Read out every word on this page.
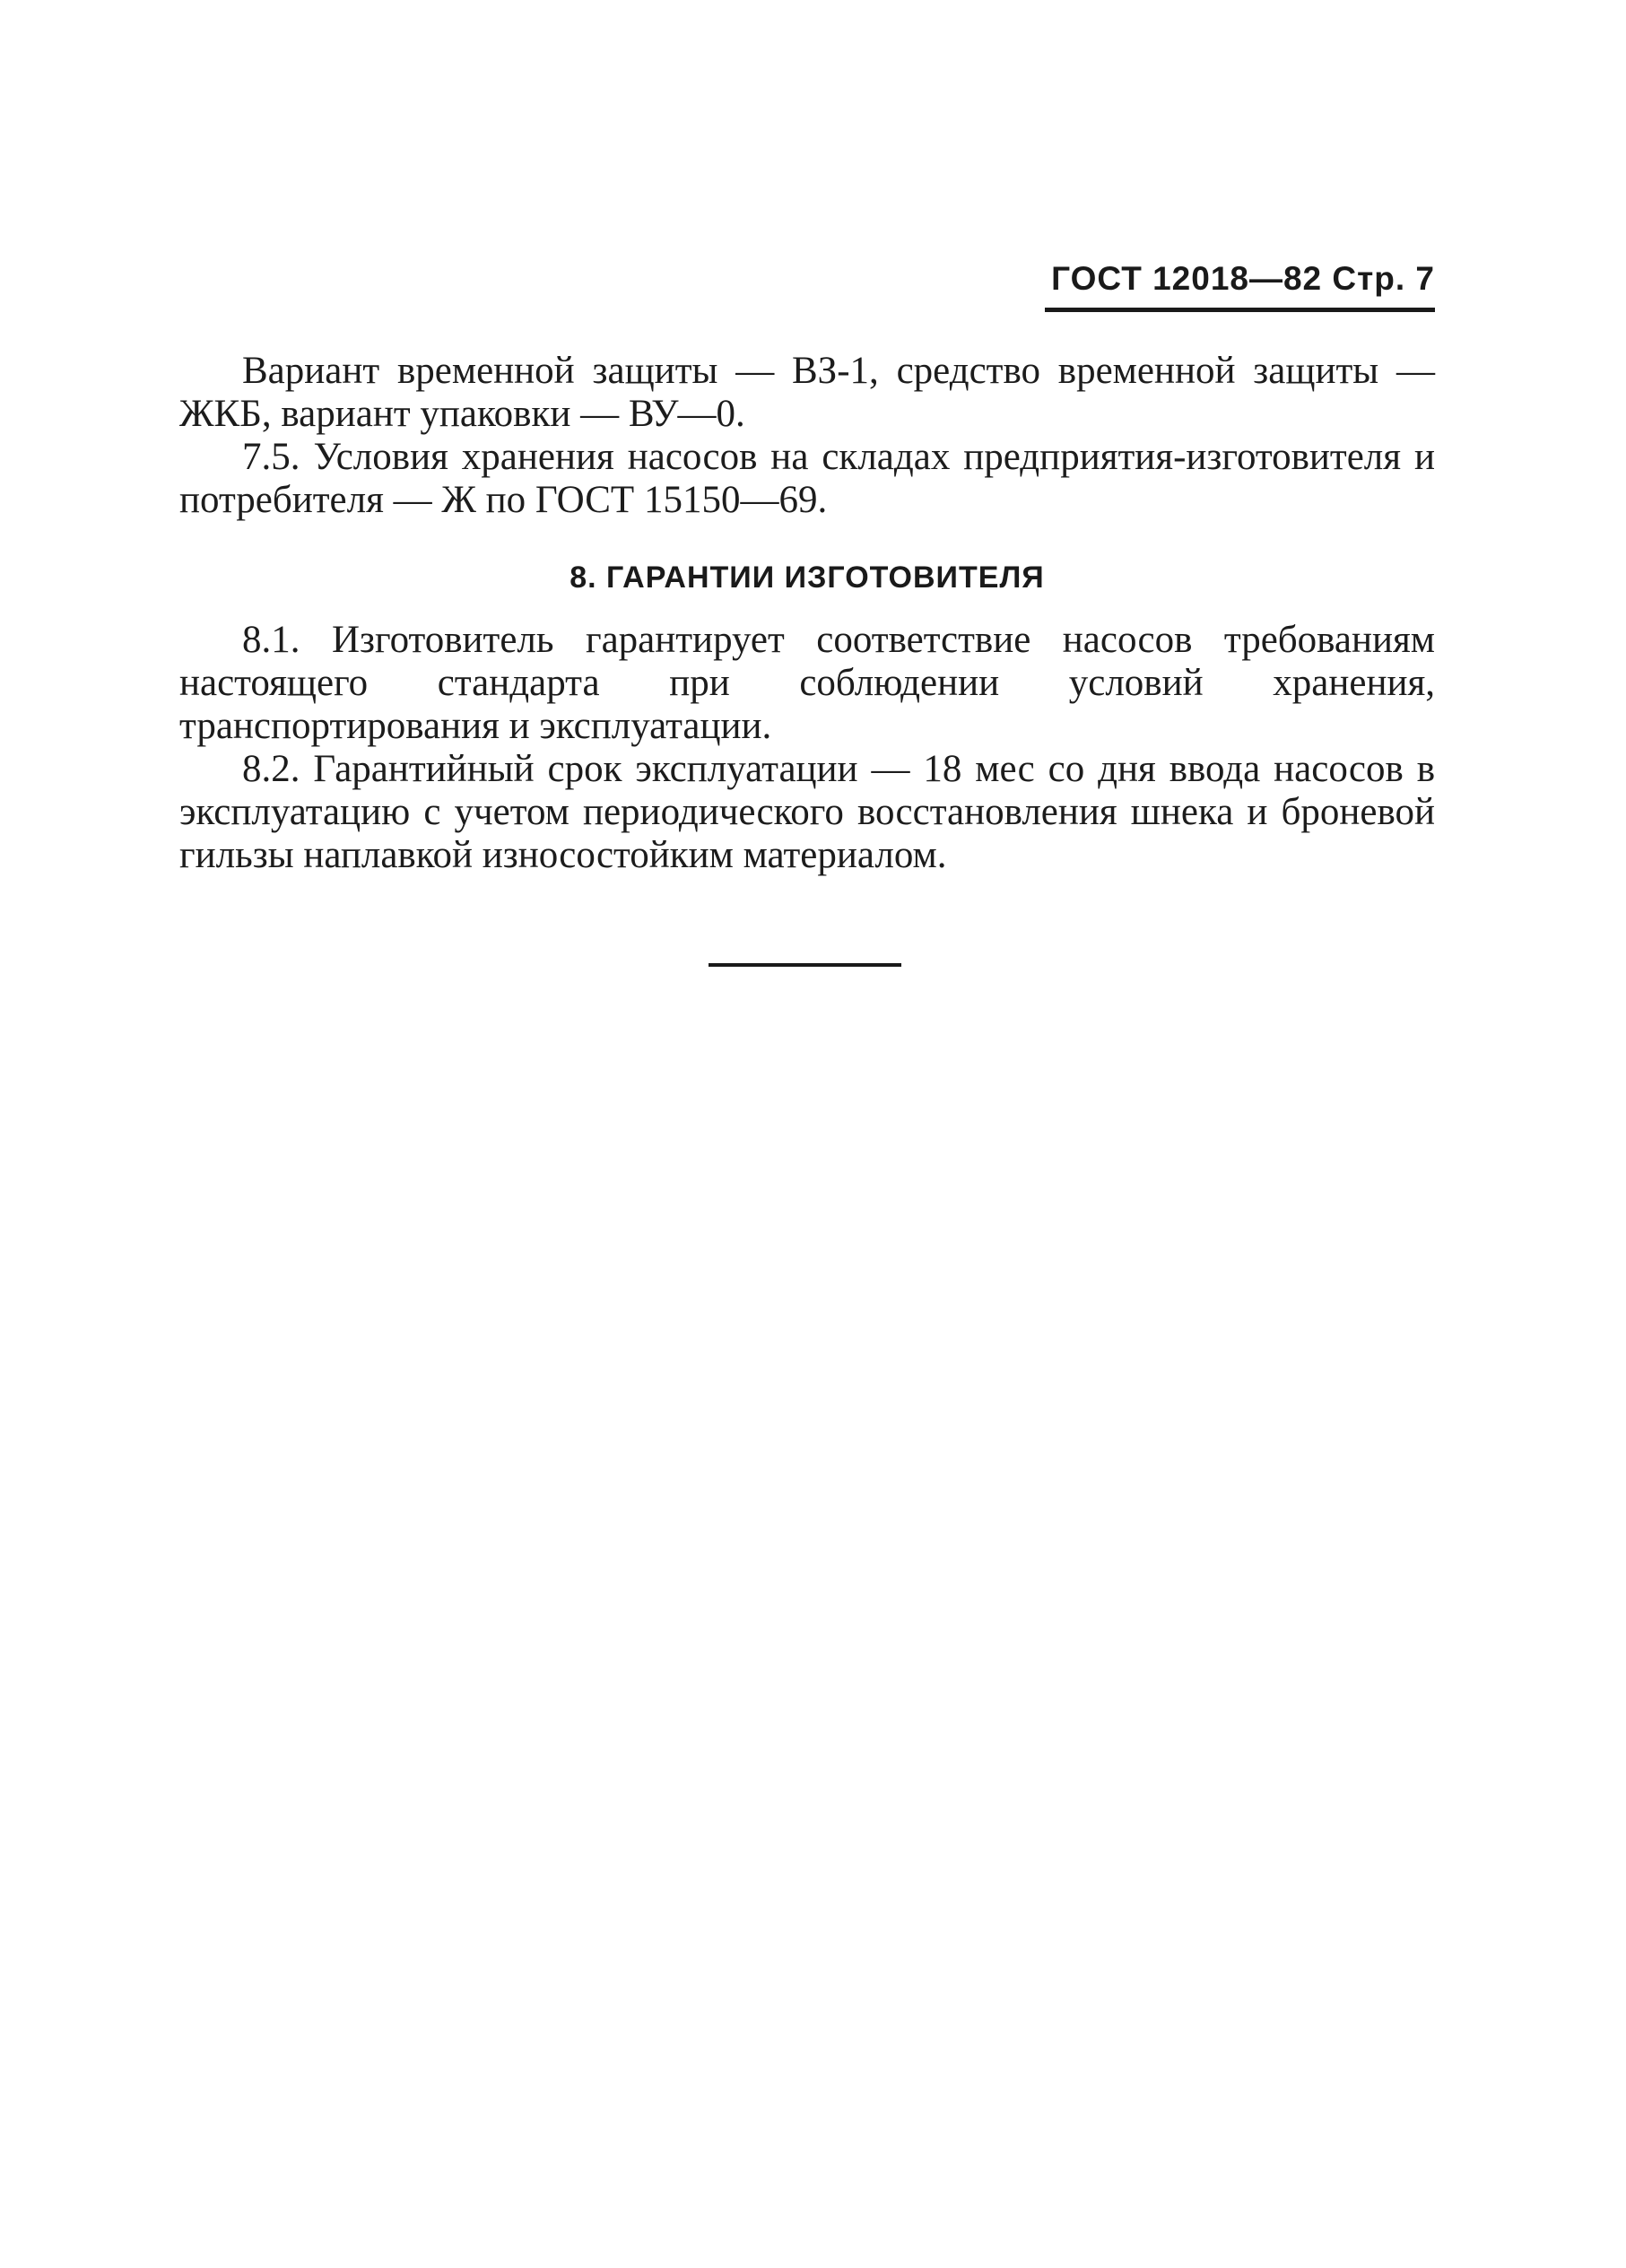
ГОСТ 12018—82 Стр. 7

Вариант временной защиты — ВЗ-1, средство временной защиты — ЖКБ, вариант упаковки — ВУ—0.

7.5. Условия хранения насосов на складах предприятия-изготовителя и потребителя — Ж по ГОСТ 15150—69.

8. ГАРАНТИИ ИЗГОТОВИТЕЛЯ

8.1. Изготовитель гарантирует соответствие насосов требованиям настоящего стандарта при соблюдении условий хранения, транспортирования и эксплуатации.

8.2. Гарантийный срок эксплуатации — 18 мес со дня ввода насосов в эксплуатацию с учетом периодического восстановления шнека и броневой гильзы наплавкой износостойким материалом.
